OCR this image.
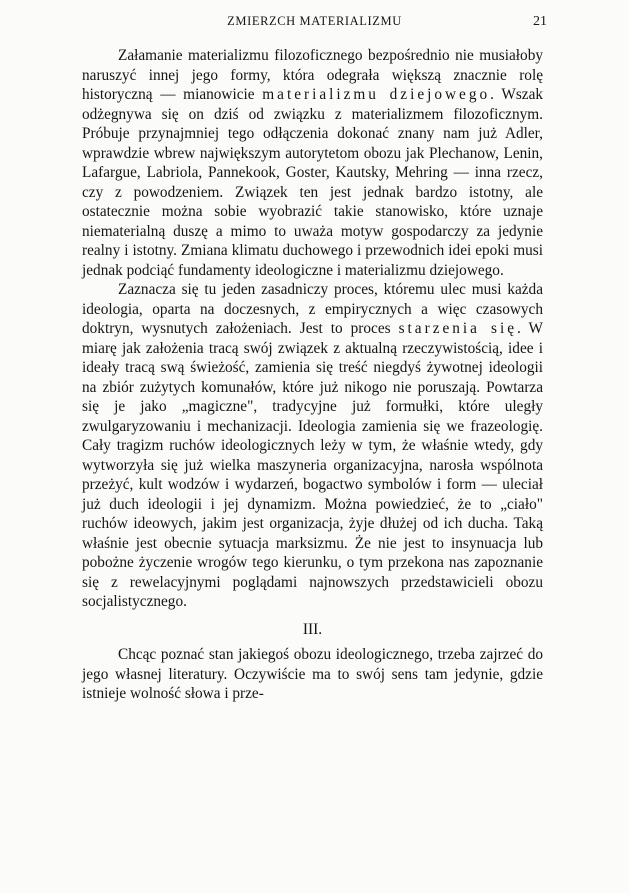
ZMIERZCH MATERIALIZMU	21

Załamanie materializmu filozoficznego bezpośrednio nie musiałoby naruszyć innej jego formy, która odegrała większą znacznie rolę historyczną — mianowicie materializmu dziejowego. Wszak odżegnywa się on dziś od związku z materializmem filozoficznym. Próbuje przynajmniej tego odłączenia dokonać znany nam już Adler, wprawdzie wbrew największym autorytetom obozu jak Plechanow, Lenin, Lafargue, Labriola, Pannekook, Goster, Kautsky, Mehring — inna rzecz, czy z powodzeniem. Związek ten jest jednak bardzo istotny, ale ostatecznie można sobie wyobrazić takie stanowisko, które uznaje niematerialną duszę a mimo to uważa motyw gospodarczy za jedynie realny i istotny. Zmiana klimatu duchowego i przewodnich idei epoki musi jednak podciąć fundamenty ideologiczne i materializmu dziejowego.

Zaznacza się tu jeden zasadniczy proces, któremu ulec musi każda ideologia, oparta na doczesnych, z empirycznych a więc czasowych doktryn, wysnutych założeniach. Jest to proces starzenia się. W miarę jak założenia tracą swój związek z aktualną rzeczywistością, idee i ideały tracą swą świeżość, zamienia się treść niegdyś żywotnej ideologii na zbiór zużytych komunałów, które już nikogo nie poruszają. Powtarza się je jako „magiczne", tradycyjne już formułki, które uległy zwulgaryzowaniu i mechanizacji. Ideologia zamienia się we frazeologię. Cały tragizm ruchów ideologicznych leży w tym, że właśnie wtedy, gdy wytworzyła się już wielka maszyneria organizacyjna, narosła wspólnota przeżyć, kult wodzów i wydarzeń, bogactwo symbolów i form — uleciał już duch ideologii i jej dynamizm. Można powiedzieć, że to „ciało" ruchów ideowych, jakim jest organizacja, żyje dłużej od ich ducha. Taką właśnie jest obecnie sytuacja marksizmu. Że nie jest to insynuacja lub pobożne życzenie wrogów tego kierunku, o tym przekona nas zapoznanie się z rewelacyjnymi poglądami najnowszych przedstawicieli obozu socjalistycznego.

III.

Chcąc poznać stan jakiegoś obozu ideologicznego, trzeba zajrzeć do jego własnej literatury. Oczywiście ma to swój sens tam jedynie, gdzie istnieje wolność słowa i prze-
